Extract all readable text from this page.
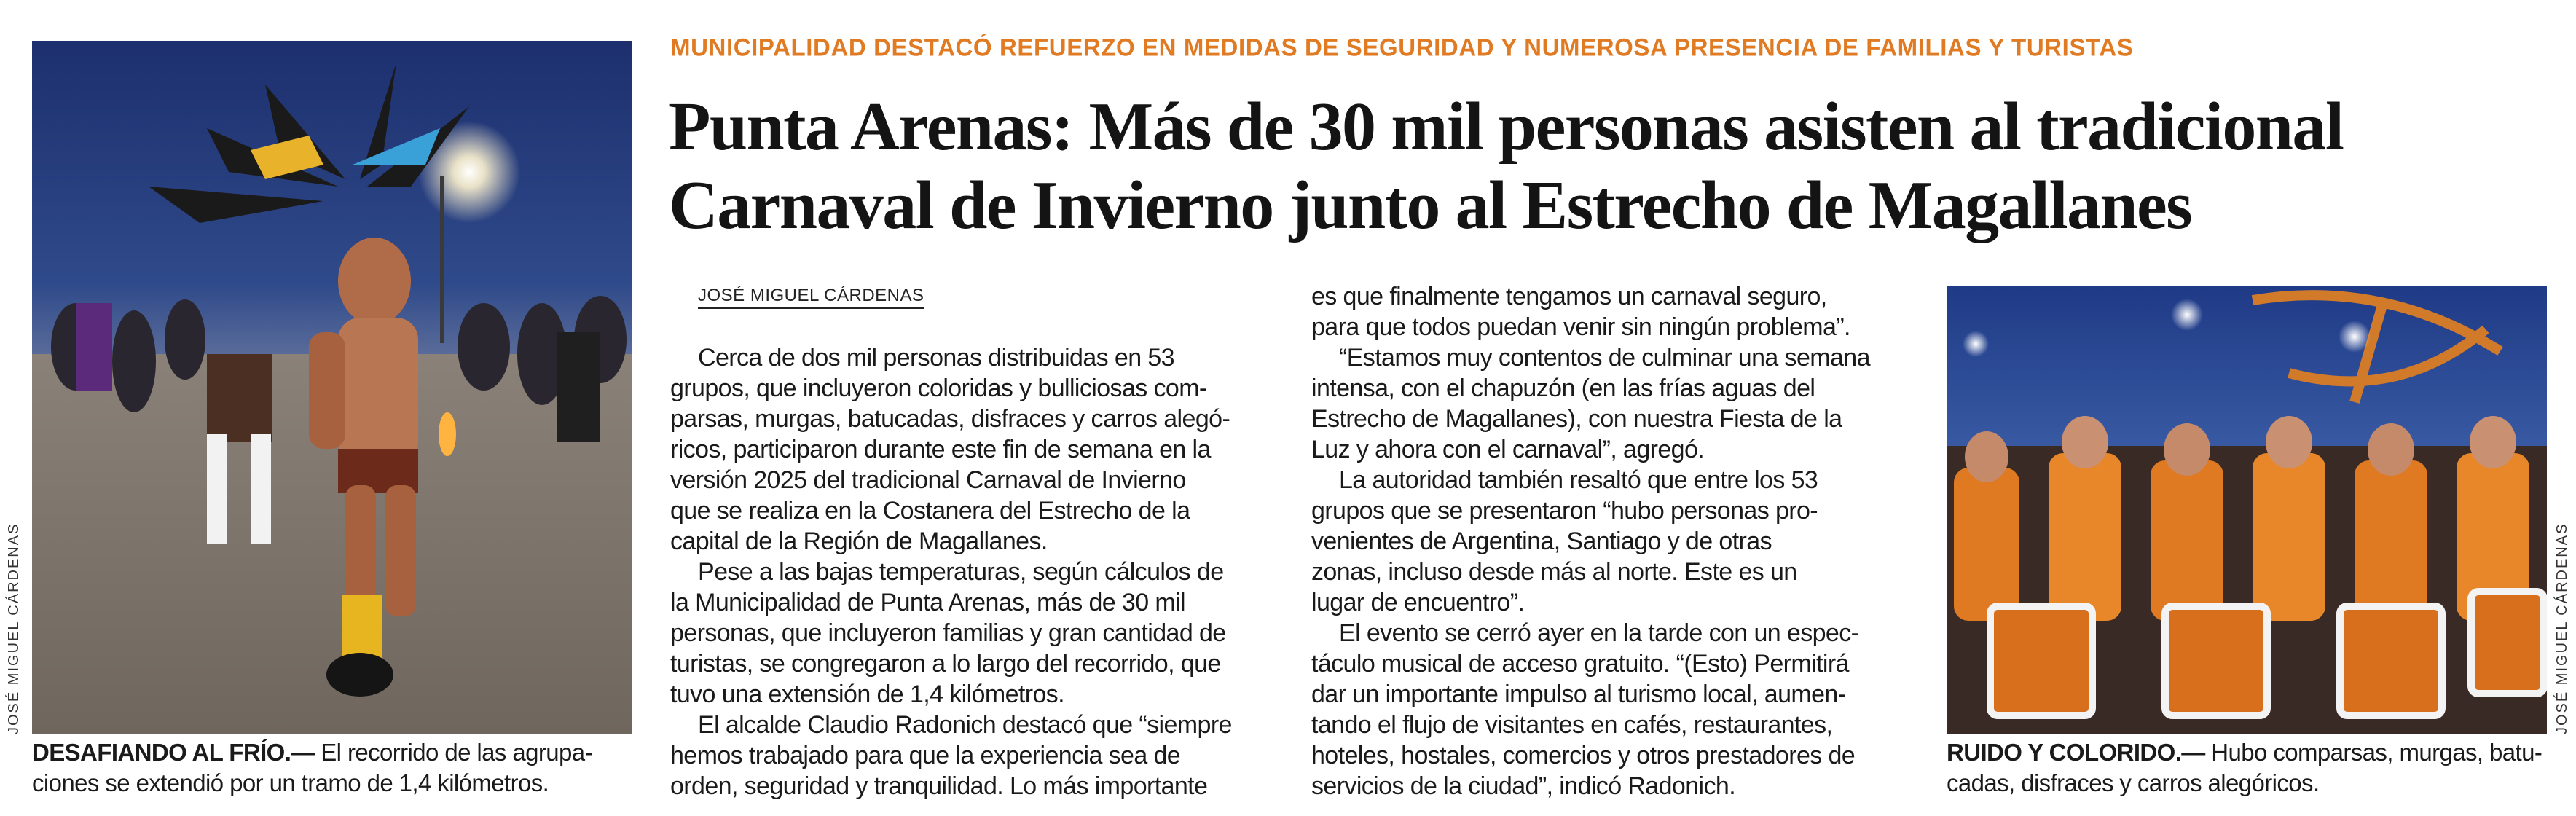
JOSÉ MIGUEL CÁRDENAS
DESAFIANDO AL FRÍO.— El recorrido de las agrupa-
ciones se extendió por un tramo de 1,4 kilómetros.
MUNICIPALIDAD DESTACÓ REFUERZO EN MEDIDAS DE SEGURIDAD Y NUMEROSA PRESENCIA DE FAMILIAS Y TURISTAS
Punta Arenas: Más de 30 mil personas asisten al tradicional
Carnaval de Invierno junto al Estrecho de Magallanes
JOSÉ MIGUEL CÁRDENAS
Cerca de dos mil personas distribuidas en 53
grupos, que incluyeron coloridas y bulliciosas com-
parsas, murgas, batucadas, disfraces y carros alegó-
ricos, participaron durante este fin de semana en la
versión 2025 del tradicional Carnaval de Invierno
que se realiza en la Costanera del Estrecho de la
capital de la Región de Magallanes.
Pese a las bajas temperaturas, según cálculos de
la Municipalidad de Punta Arenas, más de 30 mil
personas, que incluyeron familias y gran cantidad de
turistas, se congregaron a lo largo del recorrido, que
tuvo una extensión de 1,4 kilómetros.
El alcalde Claudio Radonich destacó que “siempre
hemos trabajado para que la experiencia sea de
orden, seguridad y tranquilidad. Lo más importante
es que finalmente tengamos un carnaval seguro,
para que todos puedan venir sin ningún problema”.
“Estamos muy contentos de culminar una semana
intensa, con el chapuzón (en las frías aguas del
Estrecho de Magallanes), con nuestra Fiesta de la
Luz y ahora con el carnaval”, agregó.
La autoridad también resaltó que entre los 53
grupos que se presentaron “hubo personas pro-
venientes de Argentina, Santiago y de otras
zonas, incluso desde más al norte. Este es un
lugar de encuentro”.
El evento se cerró ayer en la tarde con un espec-
táculo musical de acceso gratuito. “(Esto) Permitirá
dar un importante impulso al turismo local, aumen-
tando el flujo de visitantes en cafés, restaurantes,
hoteles, hostales, comercios y otros prestadores de
servicios de la ciudad”, indicó Radonich.
JOSÉ MIGUEL CÁRDENAS
RUIDO Y COLORIDO.— Hubo comparsas, murgas, batu-
cadas, disfraces y carros alegóricos.
